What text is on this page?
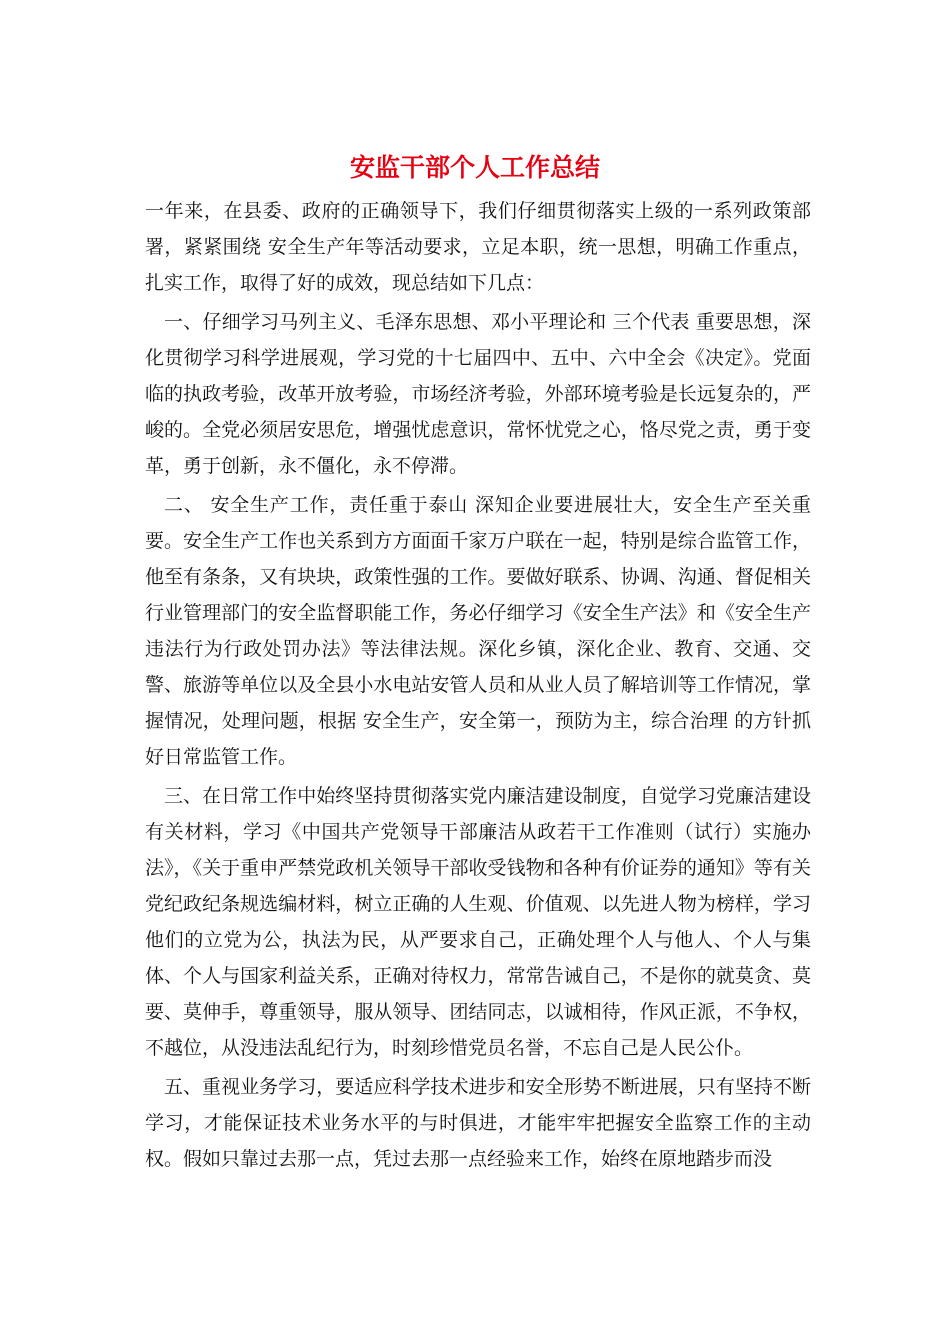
安监干部个人工作总结

一年来，在县委、政府的正确领导下，我们仔细贯彻落实上级的一系列政策部署，紧紧围绕 安全生产年等活动要求，立足本职，统一思想，明确工作重点，扎实工作，取得了好的成效，现总结如下几点：

一、仔细学习马列主义、毛泽东思想、邓小平理论和 三个代表 重要思想，深化贯彻学习科学进展观，学习党的十七届四中、五中、六中全会《决定》。党面临的执政考验，改革开放考验，市场经济考验，外部环境考验是长远复杂的，严峻的。全党必须居安思危，增强忧虑意识，常怀忧党之心，恪尽党之责，勇于变革，勇于创新，永不僵化，永不停滞。

二、 安全生产工作，责任重于泰山 深知企业要进展壮大，安全生产至关重要。安全生产工作也关系到方方面面千家万户联在一起，特别是综合监管工作，他至有条条，又有块块，政策性强的工作。要做好联系、协调、沟通、督促相关行业管理部门的安全监督职能工作，务必仔细学习《安全生产法》和《安全生产违法行为行政处罚办法》等法律法规。深化乡镇，深化企业、教育、交通、交警、旅游等单位以及全县小水电站安管人员和从业人员了解培训等工作情况，掌握情况，处理问题，根据 安全生产，安全第一，预防为主，综合治理 的方针抓好日常监管工作。

三、在日常工作中始终坚持贯彻落实党内廉洁建设制度，自觉学习党廉洁建设有关材料，学习《中国共产党领导干部廉洁从政若干工作准则（试行）实施办法》，《关于重申严禁党政机关领导干部收受钱物和各种有价证券的通知》等有关党纪政纪条规选编材料，树立正确的人生观、价值观、以先进人物为榜样，学习他们的立党为公，执法为民，从严要求自己，正确处理个人与他人、个人与集体、个人与国家利益关系，正确对待权力，常常告诫自己，不是你的就莫贪、莫要、莫伸手，尊重领导，服从领导、团结同志，以诚相待，作风正派，不争权，不越位，从没违法乱纪行为，时刻珍惜党员名誉，不忘自己是人民公仆。

五、重视业务学习，要适应科学技术进步和安全形势不断进展，只有坚持不断学习，才能保证技术业务水平的与时俱进，才能牢牢把握安全监察工作的主动权。假如只靠过去那一点，凭过去那一点经验来工作，始终在原地踏步而没
